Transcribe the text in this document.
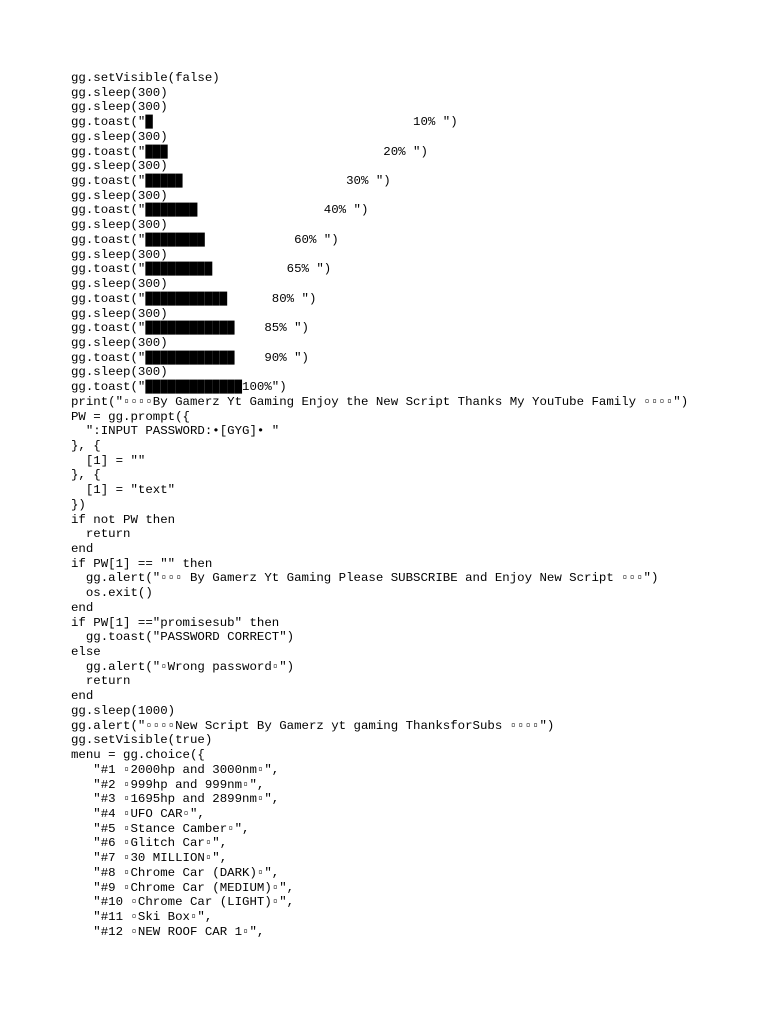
gg.setVisible(false)
gg.sleep(300)
gg.sleep(300)
gg.toast("█                                   10% ")
gg.sleep(300)
gg.toast("███                             20% ")
gg.sleep(300)
gg.toast("█████                      30% ")
gg.sleep(300)
gg.toast("███████                 40% ")
gg.sleep(300)
gg.toast("████████            60% ")
gg.sleep(300)
gg.toast("█████████          65% ")
gg.sleep(300)
gg.toast("███████████      80% ")
gg.sleep(300)
gg.toast("████████████    85% ")
gg.sleep(300)
gg.toast("████████████    90% ")
gg.sleep(300)
gg.toast("█████████████100%")
print("▫▫▫▫By Gamerz Yt Gaming Enjoy the New Script Thanks My YouTube Family ▫▫▫▫")
PW = gg.prompt({
":INPUT PASSWORD:•[GYG]• "
}, {
[1] = ""
}, {
[1] = "text"
})
if not PW then
return
end
if PW[1] == "" then
gg.alert("▫▫▫ By Gamerz Yt Gaming Please SUBSCRIBE and Enjoy New Script ▫▫▫")
os.exit()
end
if PW[1] =="promisesub" then
gg.toast("PASSWORD CORRECT")
else
gg.alert("▫Wrong password▫")
return
end
gg.sleep(1000)
gg.alert("▫▫▫▫New Script By Gamerz yt gaming ThanksforSubs ▫▫▫▫")
gg.setVisible(true)
menu = gg.choice({
"#1 ▫2000hp and 3000nm▫",
"#2 ▫999hp and 999nm▫",
"#3 ▫1695hp and 2899nm▫",
"#4 ▫UFO CAR▫",
"#5 ▫Stance Camber▫",
"#6 ▫Glitch Car▫",
"#7 ▫30 MILLION▫",
"#8 ▫Chrome Car (DARK)▫",
"#9 ▫Chrome Car (MEDIUM)▫",
"#10 ▫Chrome Car (LIGHT)▫",
"#11 ▫Ski Box▫",
"#12 ▫NEW ROOF CAR 1▫",
